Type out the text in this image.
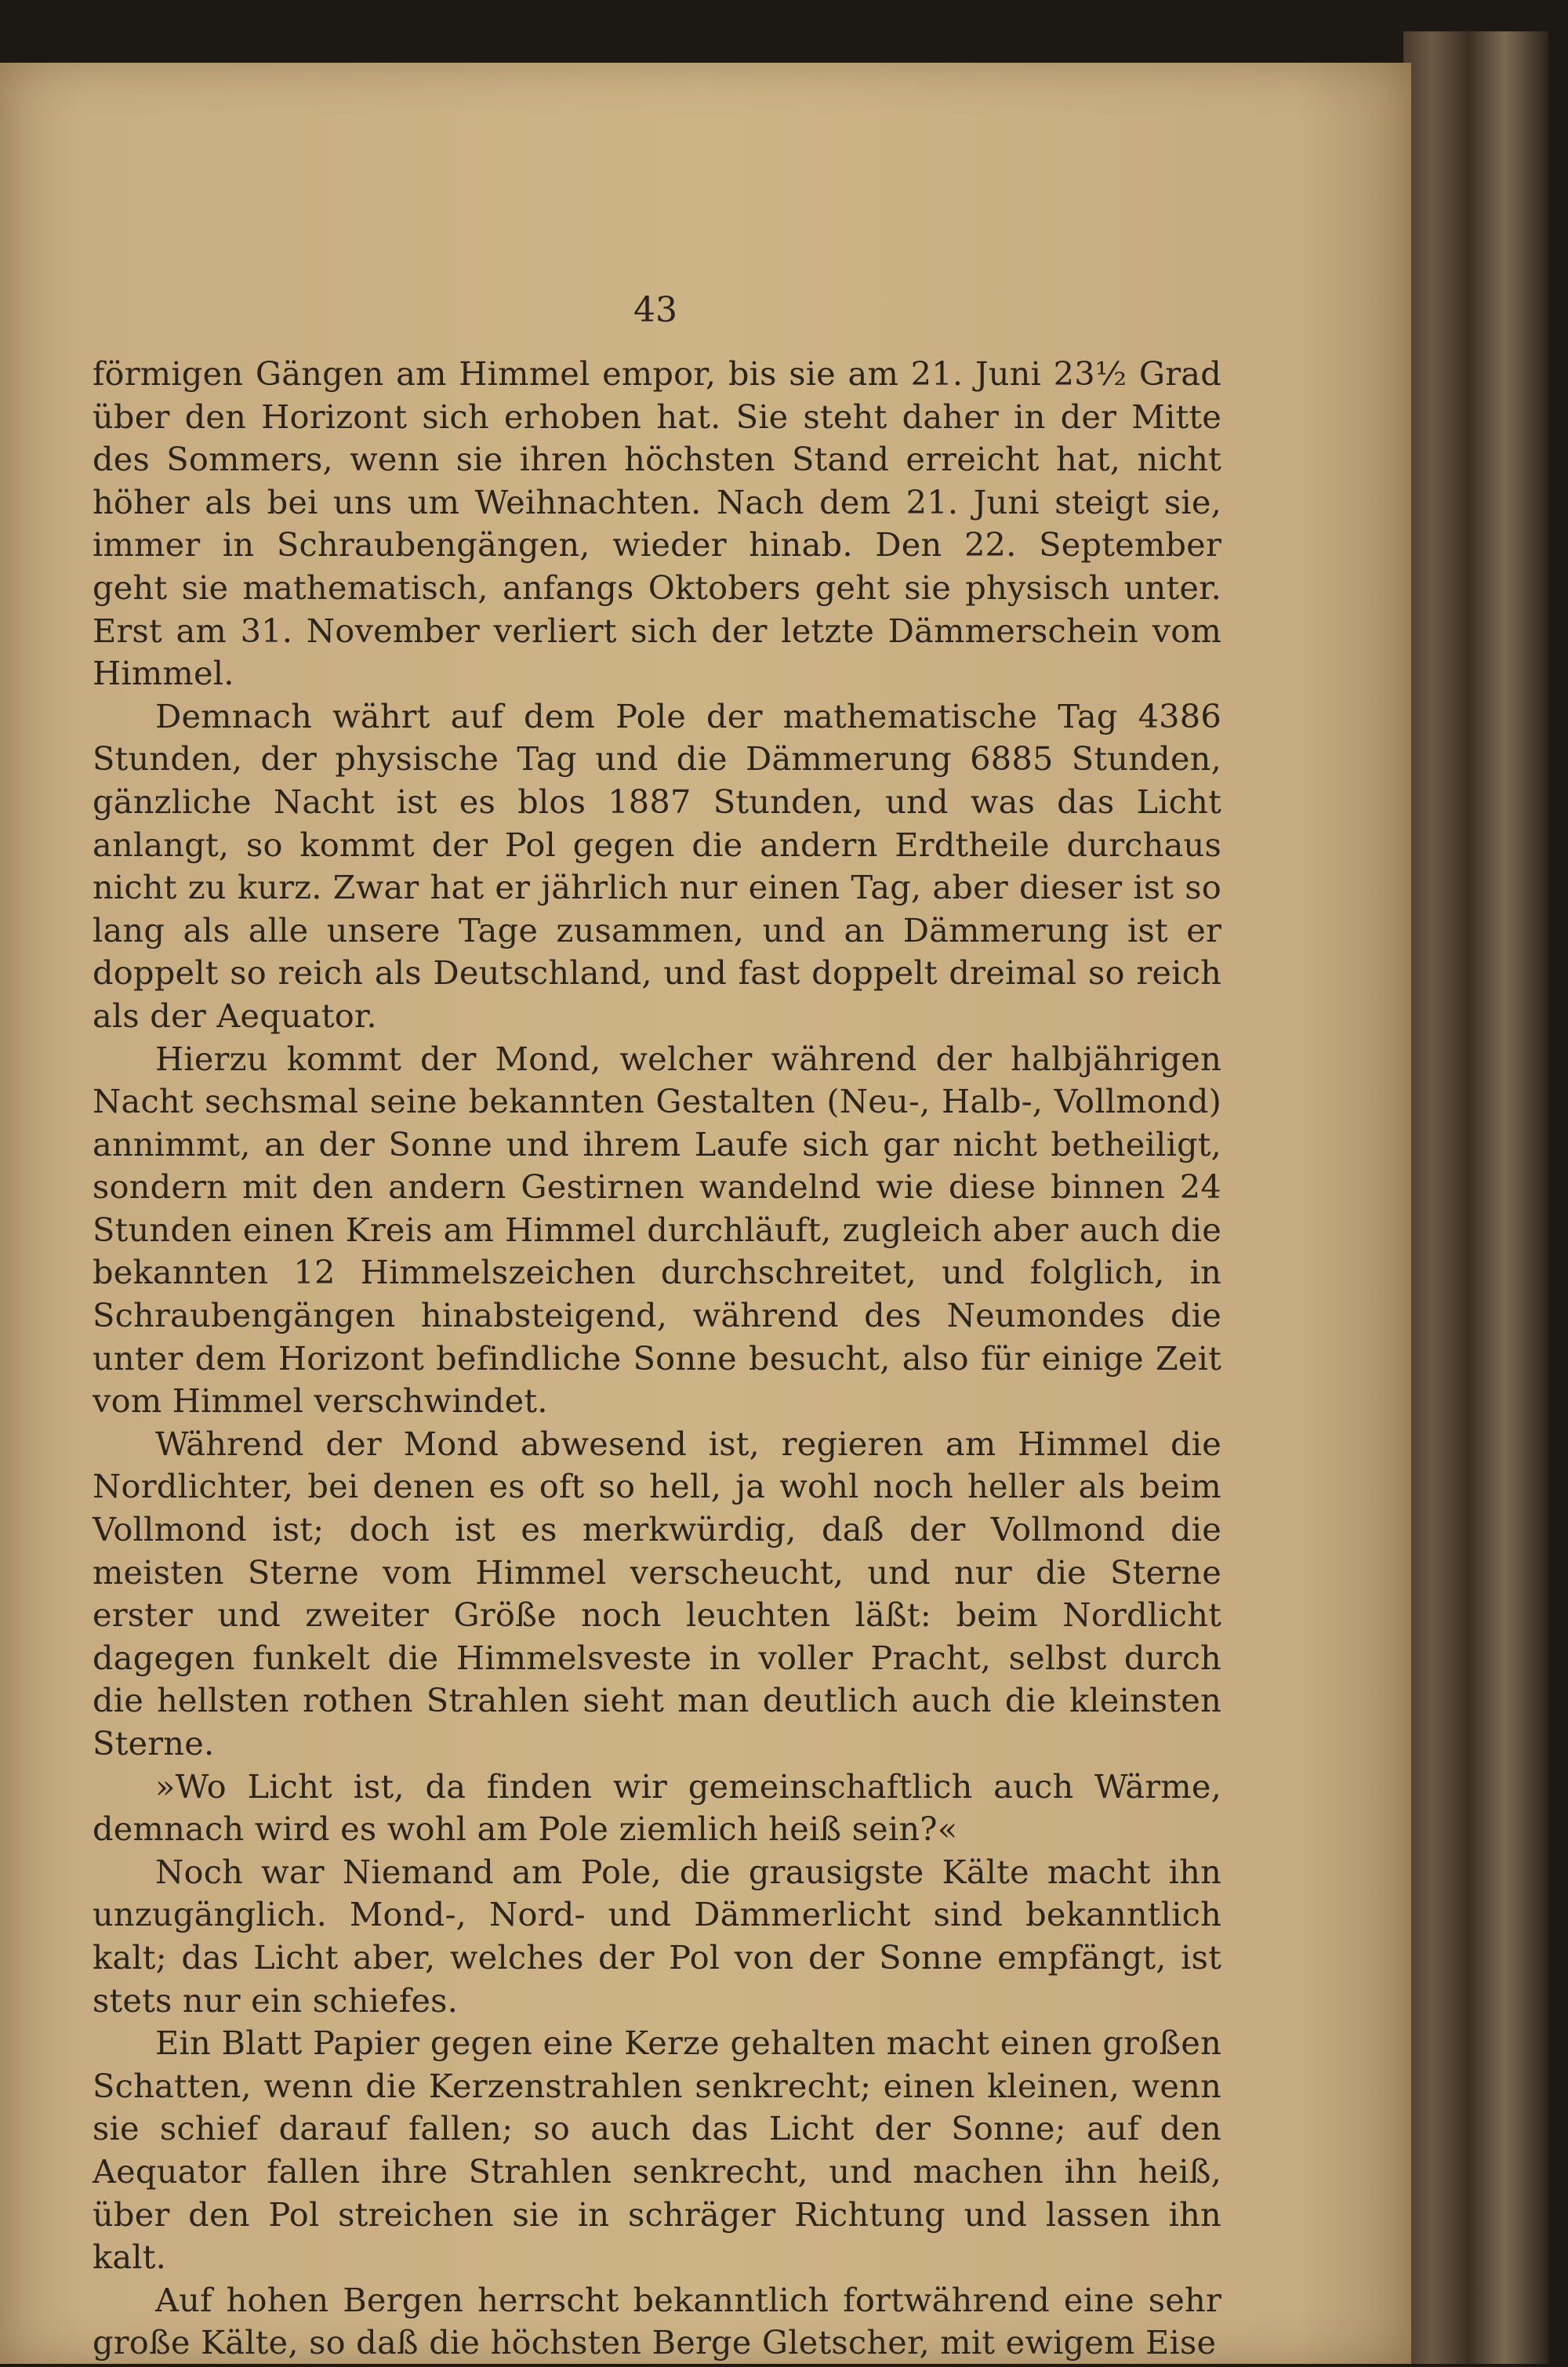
43

förmigen Gängen am Himmel empor, bis sie am 21. Juni 23½ Grad über den Horizont sich erhoben hat. Sie steht daher in der Mitte des Sommers, wenn sie ihren höchsten Stand erreicht hat, nicht höher als bei uns um Weihnachten. Nach dem 21. Juni steigt sie, immer in Schraubengängen, wieder hinab. Den 22. September geht sie mathematisch, anfangs Oktobers geht sie physisch unter. Erst am 31. November verliert sich der letzte Dämmerschein vom Himmel.

Demnach währt auf dem Pole der mathematische Tag 4386 Stunden, der physische Tag und die Dämmerung 6885 Stunden, gänzliche Nacht ist es blos 1887 Stunden, und was das Licht anlangt, so kommt der Pol gegen die andern Erdtheile durchaus nicht zu kurz. Zwar hat er jährlich nur einen Tag, aber dieser ist so lang als alle unsere Tage zusammen, und an Dämmerung ist er doppelt so reich als Deutschland, und fast doppelt dreimal so reich als der Aequator.

Hierzu kommt der Mond, welcher während der halbjährigen Nacht sechsmal seine bekannten Gestalten (Neu-, Halb-, Vollmond) annimmt, an der Sonne und ihrem Laufe sich gar nicht betheiligt, sondern mit den andern Gestirnen wandelnd wie diese binnen 24 Stunden einen Kreis am Himmel durchläuft, zugleich aber auch die bekannten 12 Himmelszeichen durchschreitet, und folglich, in Schraubengängen hinabsteigend, während des Neumondes die unter dem Horizont befindliche Sonne besucht, also für einige Zeit vom Himmel verschwindet.

Während der Mond abwesend ist, regieren am Himmel die Nordlichter, bei denen es oft so hell, ja wohl noch heller als beim Vollmond ist; doch ist es merkwürdig, daß der Vollmond die meisten Sterne vom Himmel verscheucht, und nur die Sterne erster und zweiter Größe noch leuchten läßt: beim Nordlicht dagegen funkelt die Himmelsveste in voller Pracht, selbst durch die hellsten rothen Strahlen sieht man deutlich auch die kleinsten Sterne.

»Wo Licht ist, da finden wir gemeinschaftlich auch Wärme, demnach wird es wohl am Pole ziemlich heiß sein?«

Noch war Niemand am Pole, die grausigste Kälte macht ihn unzugänglich. Mond-, Nord- und Dämmerlicht sind bekanntlich kalt; das Licht aber, welches der Pol von der Sonne empfängt, ist stets nur ein schiefes.

Ein Blatt Papier gegen eine Kerze gehalten macht einen großen Schatten, wenn die Kerzenstrahlen senkrecht; einen kleinen, wenn sie schief darauf fallen; so auch das Licht der Sonne; auf den Aequator fallen ihre Strahlen senkrecht, und machen ihn heiß, über den Pol streichen sie in schräger Richtung und lassen ihn kalt.

Auf hohen Bergen herrscht bekanntlich fortwährend eine sehr große Kälte, so daß die höchsten Berge Gletscher, mit ewigem Eise
